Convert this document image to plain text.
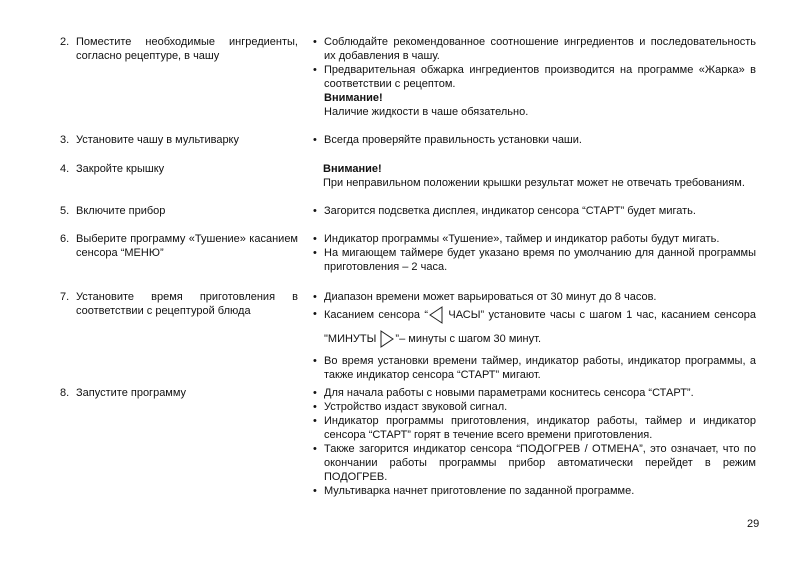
2. Поместите необходимые ингредиенты, согласно рецептуре, в чашу
• Соблюдайте рекомендованное соотношение ингредиентов и последовательность их добавления в чашу.
• Предварительная обжарка ингредиентов производится на программе «Жарка» в соответствии с рецептом.
Внимание!
Наличие жидкости в чаше обязательно.
3. Установите чашу в мультиварку	• Всегда проверяйте правильность установки чаши.
4. Закройте крышку	Внимание!
При неправильном положении крышки результат может не отвечать требованиям.
5. Включите прибор	• Загорится подсветка дисплея, индикатор сенсора “СТАРТ” будет мигать.
6. Выберите программу «Тушение» касанием сенсора “МЕНЮ”
• Индикатор программы «Тушение», таймер и индикатор работы будут мигать.
• На мигающем таймере будет указано время по умолчанию для данной программы приготовления – 2 часа.
7. Установите время приготовления в соответствии с рецептурой блюда
• Диапазон времени может варьироваться от 30 минут до 8 часов.
• Касанием сенсора “ ЧАСЫ” установите часы с шагом 1 час, касанием сенсора "МИНУТЫ ”– минуты с шагом 30 минут.
• Во время установки времени таймер, индикатор работы, индикатор программы, а также индикатор сенсора “СТАРТ” мигают.
8. Запустите программу	• Для начала работы с новыми параметрами коснитесь сенсора “СТАРТ”.
• Устройство издаст звуковой сигнал.
• Индикатор программы приготовления, индикатор работы, таймер и индикатор сенсора “СТАРТ” горят в течение всего времени приготовления.
• Также загорится индикатор сенсора “ПОДОГРЕВ / ОТМЕНА”, это означает, что по окончании работы программы прибор автоматически перейдет в режим ПОДОГРЕВ.
• Мультиварка начнет приготовление по заданной программе.
29
